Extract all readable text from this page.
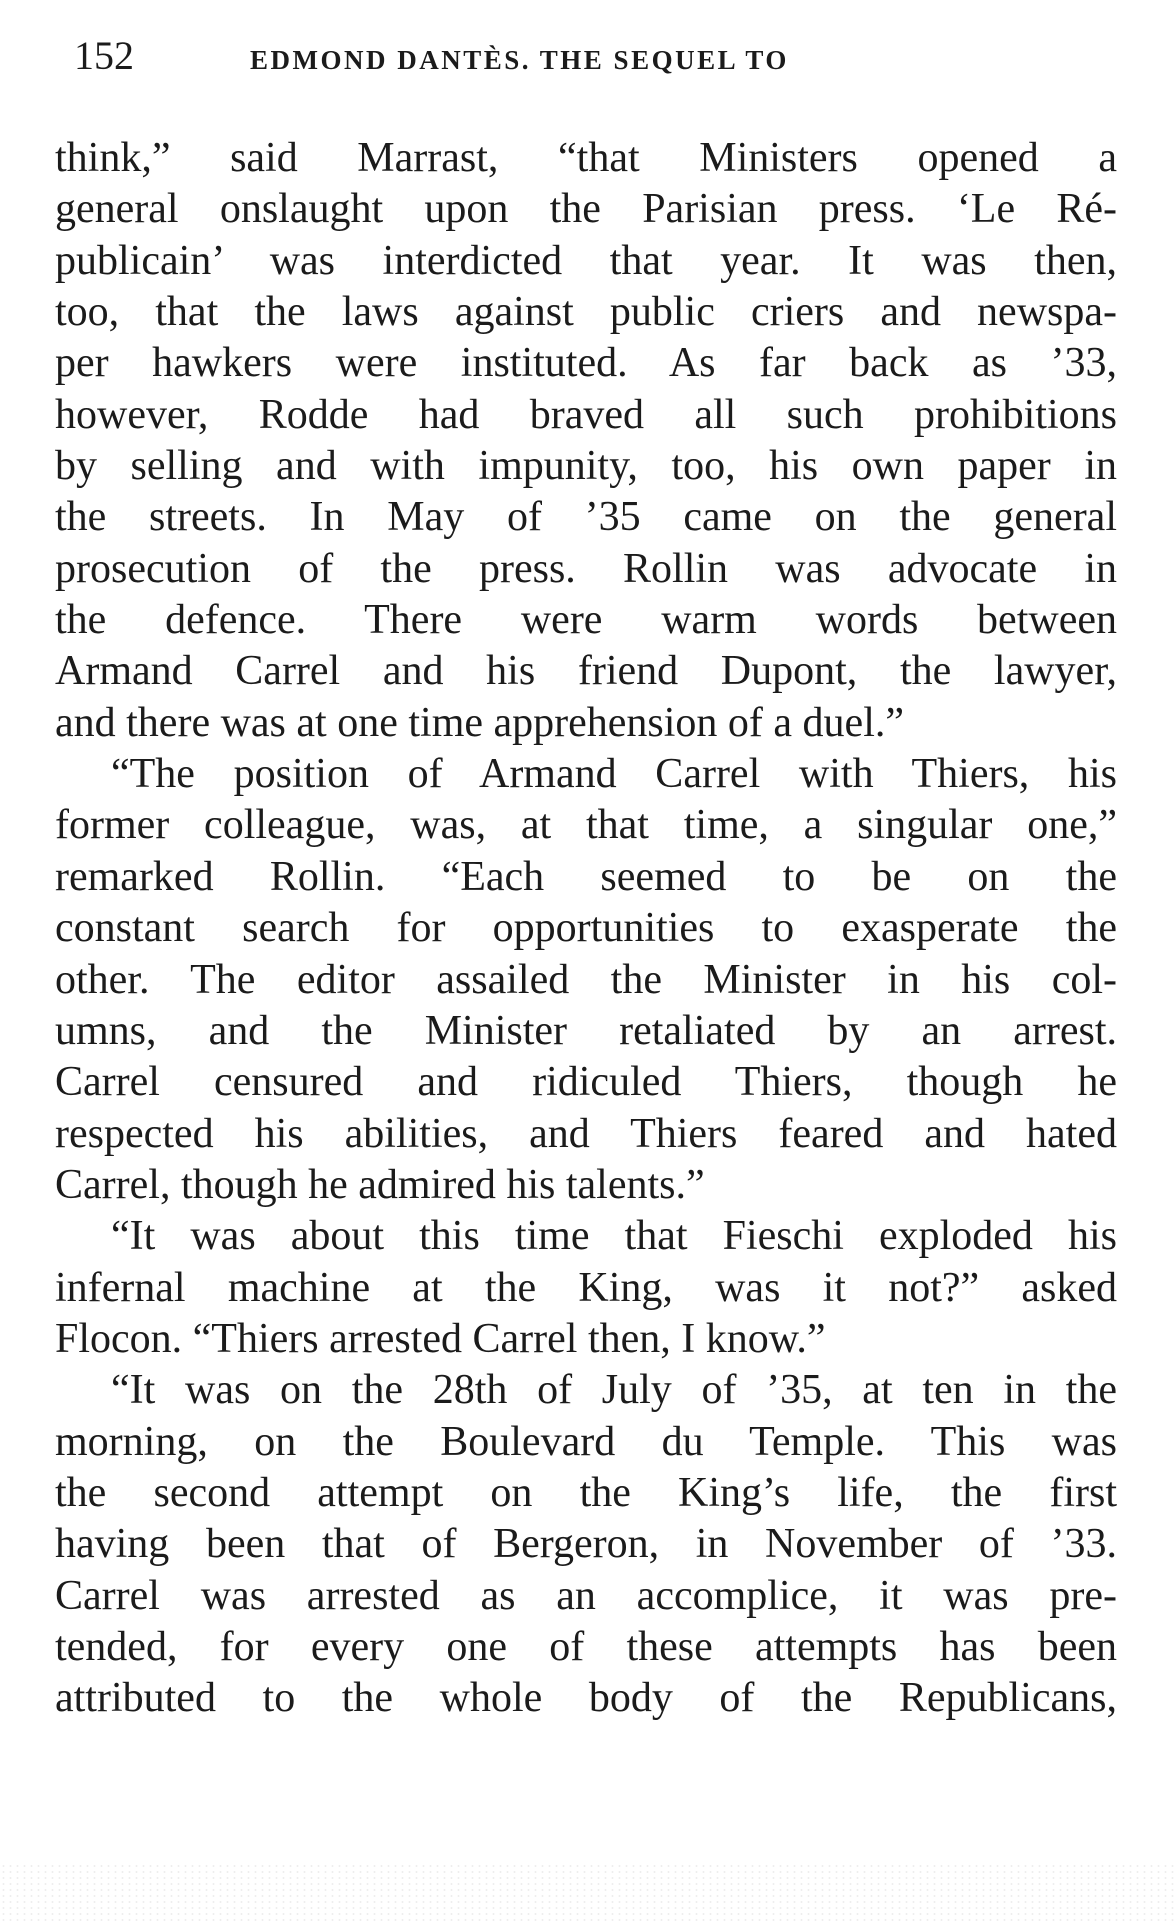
152	EDMOND DANTÈS. THE SEQUEL TO
think,” said Marrast, “that Ministers opened a
general onslaught upon the Parisian press. ‘Le Ré-
publicain’ was interdicted that year. It was then,
too, that the laws against public criers and newspa-
per hawkers were instituted. As far back as ’33,
however, Rodde had braved all such prohibitions
by selling and with impunity, too, his own paper in
the streets. In May of ’35 came on the general
prosecution of the press. Rollin was advocate in
the defence. There were warm words between
Armand Carrel and his friend Dupont, the lawyer,
and there was at one time apprehension of a duel.”
“The position of Armand Carrel with Thiers, his
former colleague, was, at that time, a singular one,”
remarked Rollin. “Each seemed to be on the
constant search for opportunities to exasperate the
other. The editor assailed the Minister in his col-
umns, and the Minister retaliated by an arrest.
Carrel censured and ridiculed Thiers, though he
respected his abilities, and Thiers feared and hated
Carrel, though he admired his talents.”
“It was about this time that Fieschi exploded his
infernal machine at the King, was it not?” asked
Flocon. “Thiers arrested Carrel then, I know.”
“It was on the 28th of July of ’35, at ten in the
morning, on the Boulevard du Temple. This was
the second attempt on the King’s life, the first
having been that of Bergeron, in November of ’33.
Carrel was arrested as an accomplice, it was pre-
tended, for every one of these attempts has been
attributed to the whole body of the Republicans,
